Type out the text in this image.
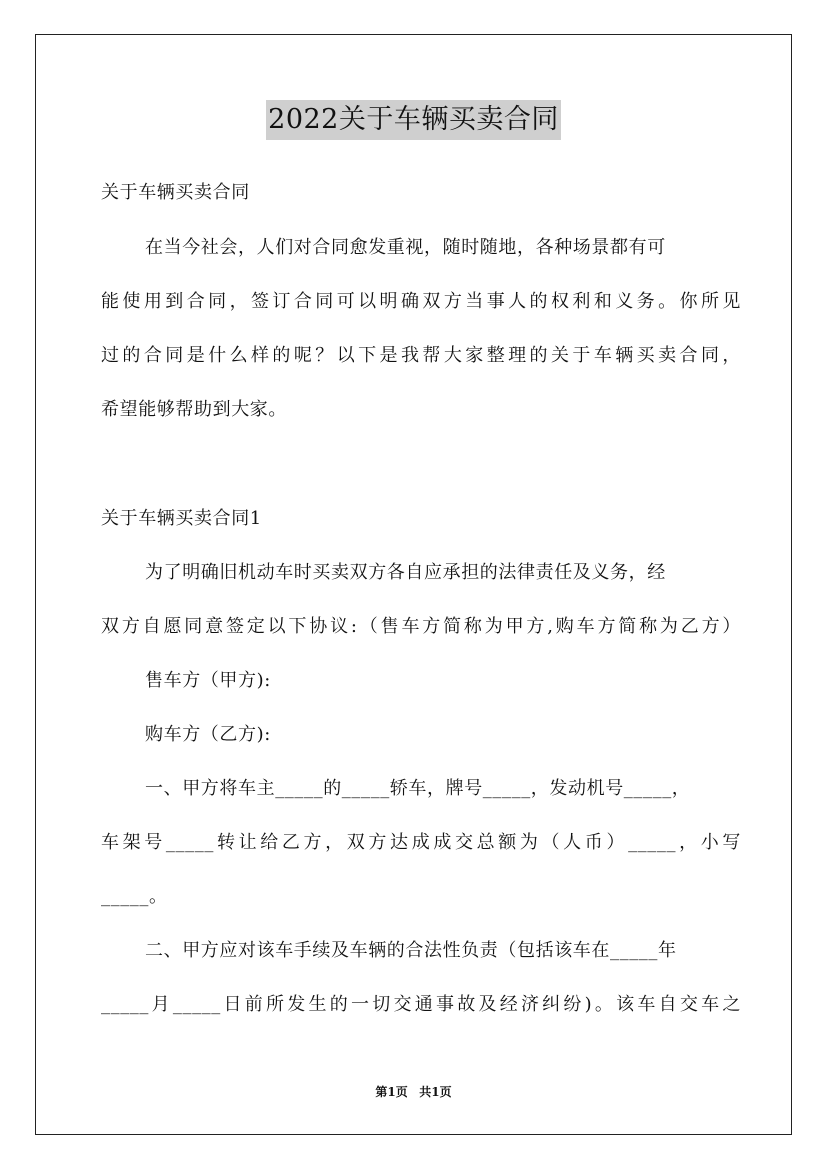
2022关于车辆买卖合同
关于车辆买卖合同
在当今社会，人们对合同愈发重视，随时随地，各种场景都有可
能使用到合同，签订合同可以明确双方当事人的权利和义务。你所见
过的合同是什么样的呢？以下是我帮大家整理的关于车辆买卖合同，
希望能够帮助到大家。
关于车辆买卖合同1
为了明确旧机动车时买卖双方各自应承担的法律责任及义务，经
双方自愿同意签定以下协议:（售车方简称为甲方,购车方简称为乙方）
售车方（甲方):
购车方（乙方):
一、甲方将车主_____的_____轿车，牌号_____，发动机号_____，
车架号_____转让给乙方，双方达成成交总额为（人币）_____，小写
_____。
二、甲方应对该车手续及车辆的合法性负责（包括该车在_____年
_____月_____日前所发生的一切交通事故及经济纠纷)。该车自交车之
第1页 共1页
